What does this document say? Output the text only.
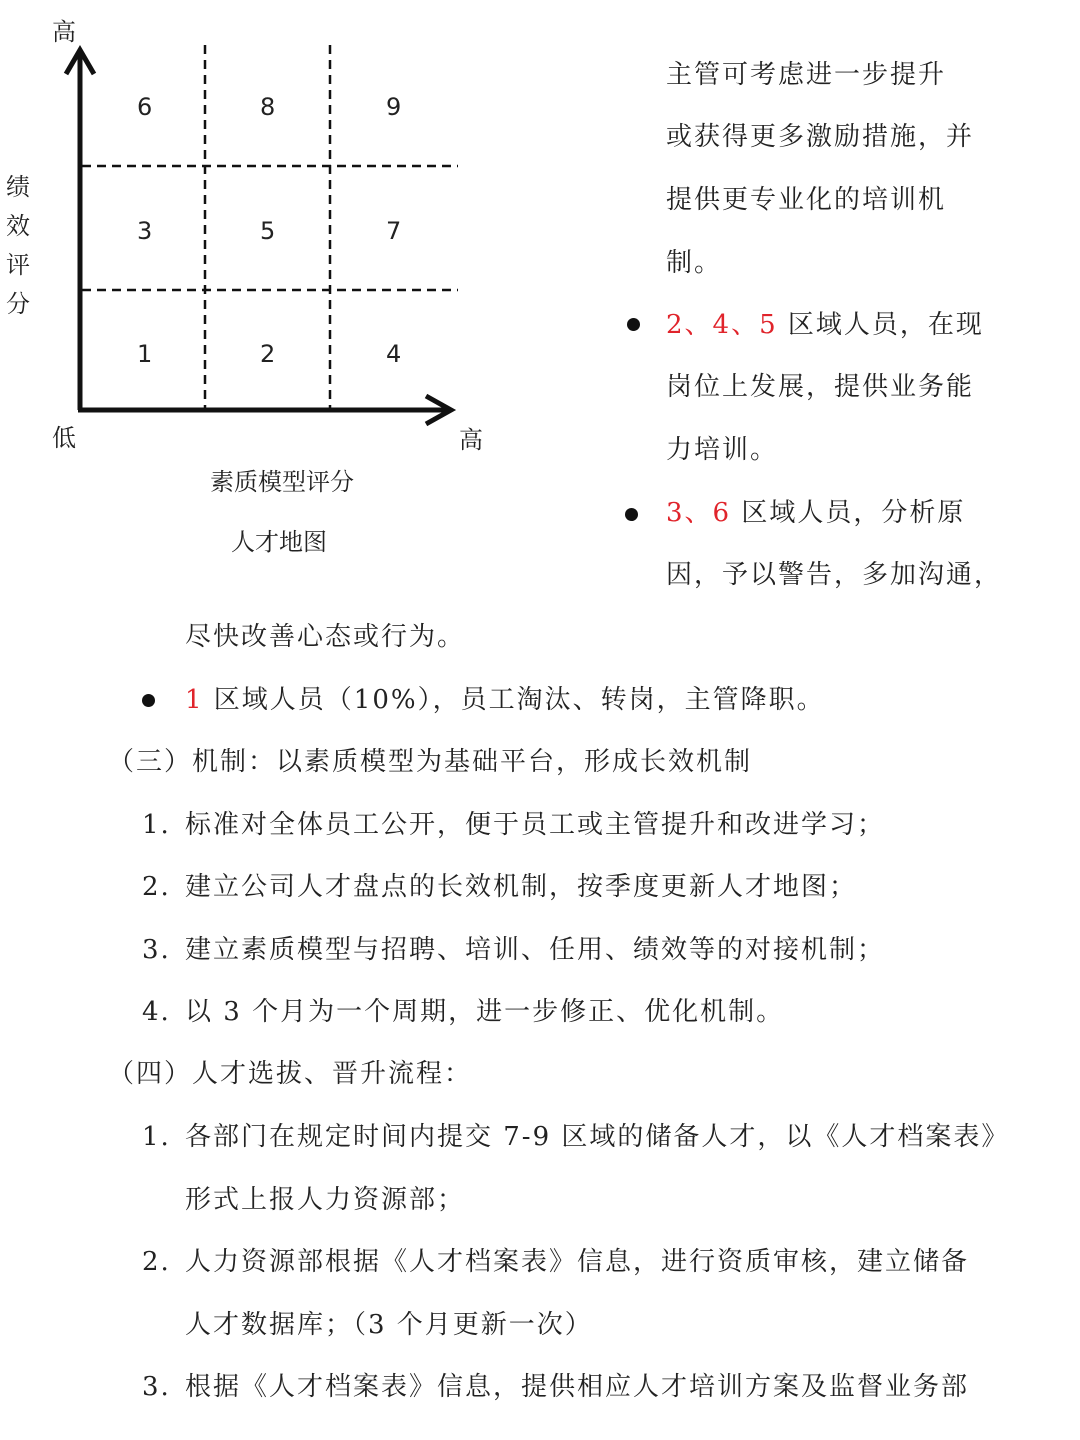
6	8	9
3	5	7
1	2	4
高
绩
效
评
分
低	高
素质模型评分
人才地图
主管可考虑进一步提升
或获得更多激励措施，并
提供更专业化的培训机
制。
2、4、5 区域人员，在现
岗位上发展，提供业务能
力培训。
3、6 区域人员，分析原
因，予以警告，多加沟通，
尽快改善心态或行为。
1 区域人员（10%），员工淘汰、转岗，主管降职。
（三）机制：以素质模型为基础平台，形成长效机制
1. 标准对全体员工公开，便于员工或主管提升和改进学习；
2. 建立公司人才盘点的长效机制，按季度更新人才地图；
3. 建立素质模型与招聘、培训、任用、绩效等的对接机制；
4. 以 3 个月为一个周期，进一步修正、优化机制。
（四）人才选拔、晋升流程：
1. 各部门在规定时间内提交 7-9 区域的储备人才，以《人才档案表》
形式上报人力资源部；
2. 人力资源部根据《人才档案表》信息，进行资质审核，建立储备
人才数据库；（3 个月更新一次）
3. 根据《人才档案表》信息，提供相应人才培训方案及监督业务部
